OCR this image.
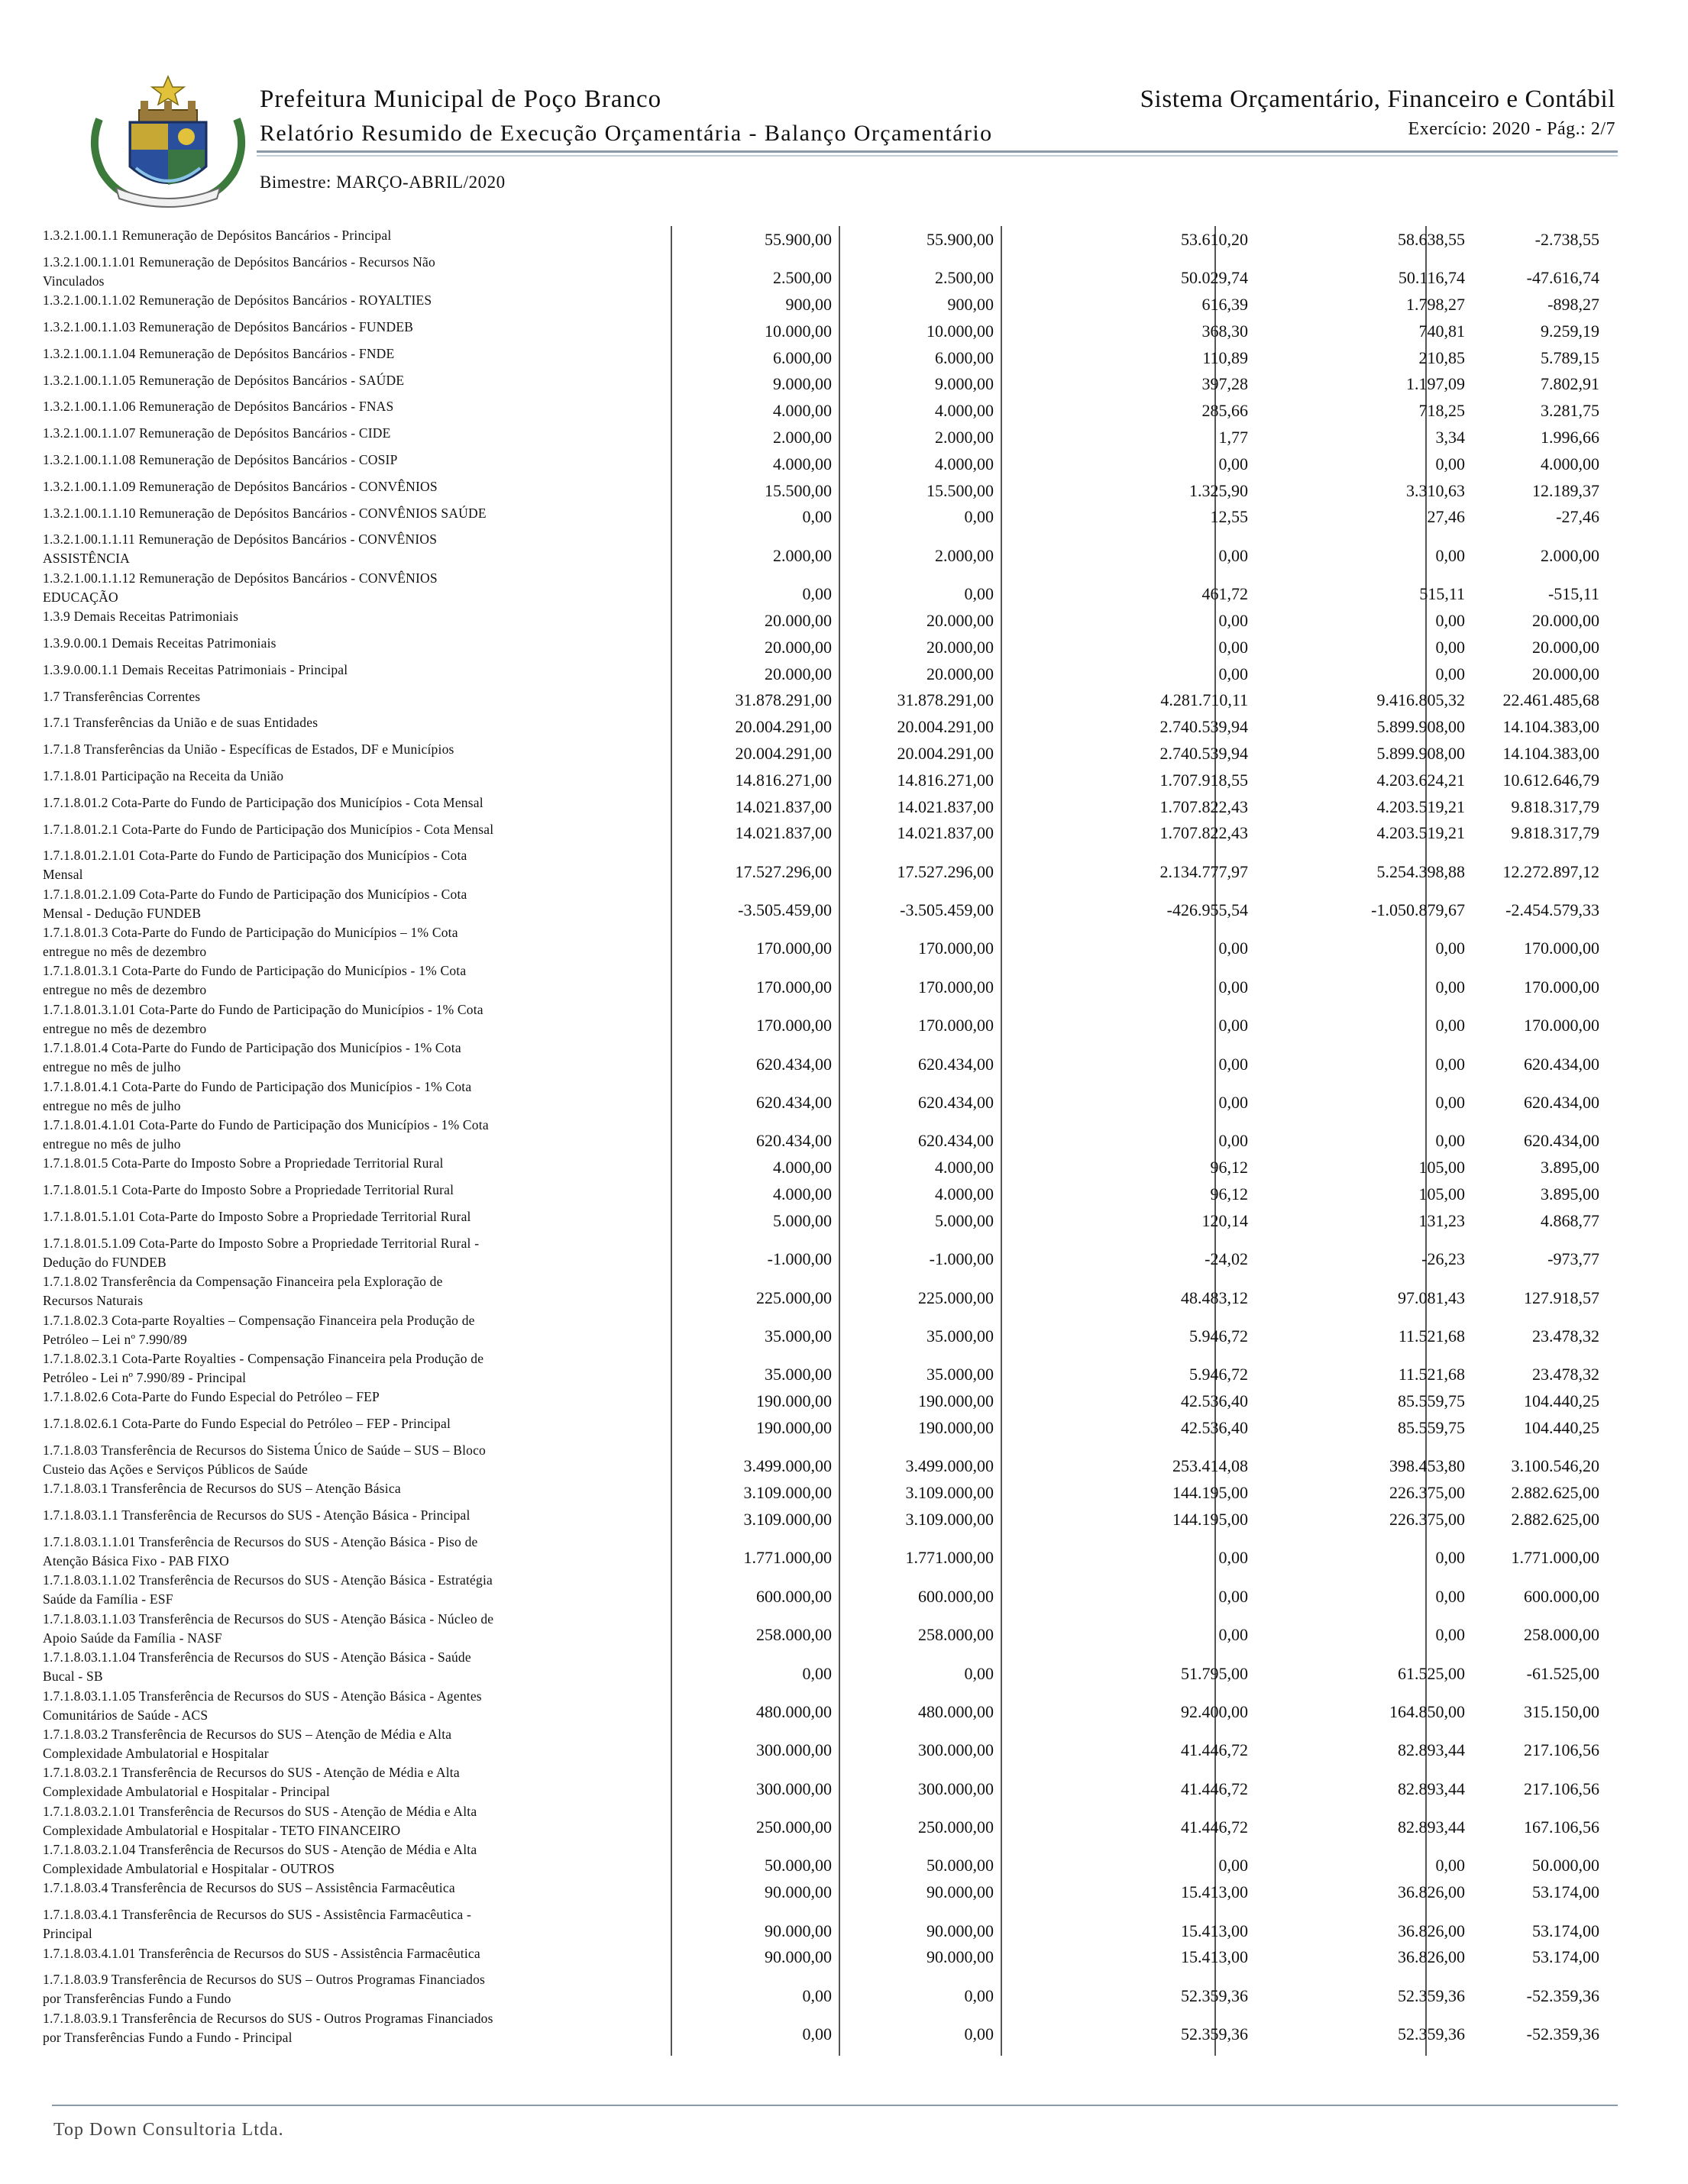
Prefeitura Municipal de Poço Branco
Relatório Resumido de Execução Orçamentária - Balanço Orçamentário
Sistema Orçamentário, Financeiro e Contábil
Exercício: 2020 - Pág.: 2/7
Bimestre: MARÇO-ABRIL/2020
1.3.2.1.00.1.1 Remuneração de Depósitos Bancários - Principal	55.900,00	55.900,00	53.610,20	58.638,55	-2.738,55
1.3.2.1.00.1.1.01 Remuneração de Depósitos Bancários - Recursos Não
Vinculados	2.500,00	2.500,00	50.029,74	50.116,74	-47.616,74
1.3.2.1.00.1.1.02 Remuneração de Depósitos Bancários - ROYALTIES	900,00	900,00	616,39	1.798,27	-898,27
1.3.2.1.00.1.1.03 Remuneração de Depósitos Bancários - FUNDEB	10.000,00	10.000,00	368,30	740,81	9.259,19
1.3.2.1.00.1.1.04 Remuneração de Depósitos Bancários - FNDE	6.000,00	6.000,00	110,89	210,85	5.789,15
1.3.2.1.00.1.1.05 Remuneração de Depósitos Bancários - SAÚDE	9.000,00	9.000,00	397,28	1.197,09	7.802,91
1.3.2.1.00.1.1.06 Remuneração de Depósitos Bancários - FNAS	4.000,00	4.000,00	285,66	718,25	3.281,75
1.3.2.1.00.1.1.07 Remuneração de Depósitos Bancários - CIDE	2.000,00	2.000,00	1,77	3,34	1.996,66
1.3.2.1.00.1.1.08 Remuneração de Depósitos Bancários - COSIP	4.000,00	4.000,00	0,00	0,00	4.000,00
1.3.2.1.00.1.1.09 Remuneração de Depósitos Bancários - CONVÊNIOS	15.500,00	15.500,00	1.325,90	3.310,63	12.189,37
1.3.2.1.00.1.1.10 Remuneração de Depósitos Bancários - CONVÊNIOS SAÚDE	0,00	0,00	12,55	27,46	-27,46
1.3.2.1.00.1.1.11 Remuneração de Depósitos Bancários - CONVÊNIOS
ASSISTÊNCIA	2.000,00	2.000,00	0,00	0,00	2.000,00
1.3.2.1.00.1.1.12 Remuneração de Depósitos Bancários - CONVÊNIOS
EDUCAÇÃO	0,00	0,00	461,72	515,11	-515,11
1.3.9 Demais Receitas Patrimoniais	20.000,00	20.000,00	0,00	0,00	20.000,00
1.3.9.0.00.1 Demais Receitas Patrimoniais	20.000,00	20.000,00	0,00	0,00	20.000,00
1.3.9.0.00.1.1 Demais Receitas Patrimoniais - Principal	20.000,00	20.000,00	0,00	0,00	20.000,00
1.7 Transferências Correntes	31.878.291,00	31.878.291,00	4.281.710,11	9.416.805,32	22.461.485,68
1.7.1 Transferências da União e de suas Entidades	20.004.291,00	20.004.291,00	2.740.539,94	5.899.908,00	14.104.383,00
1.7.1.8 Transferências da União - Específicas de Estados, DF e Municípios	20.004.291,00	20.004.291,00	2.740.539,94	5.899.908,00	14.104.383,00
1.7.1.8.01 Participação na Receita da União	14.816.271,00	14.816.271,00	1.707.918,55	4.203.624,21	10.612.646,79
1.7.1.8.01.2 Cota-Parte do Fundo de Participação dos Municípios - Cota Mensal	14.021.837,00	14.021.837,00	1.707.822,43	4.203.519,21	9.818.317,79
1.7.1.8.01.2.1 Cota-Parte do Fundo de Participação dos Municípios - Cota Mensal	14.021.837,00	14.021.837,00	1.707.822,43	4.203.519,21	9.818.317,79
1.7.1.8.01.2.1.01 Cota-Parte do Fundo de Participação dos Municípios - Cota
Mensal	17.527.296,00	17.527.296,00	2.134.777,97	5.254.398,88	12.272.897,12
1.7.1.8.01.2.1.09 Cota-Parte do Fundo de Participação dos Municípios - Cota
Mensal - Dedução FUNDEB	-3.505.459,00	-3.505.459,00	-426.955,54	-1.050.879,67	-2.454.579,33
1.7.1.8.01.3 Cota-Parte do Fundo de Participação do Municípios – 1% Cota
entregue no mês de dezembro	170.000,00	170.000,00	0,00	0,00	170.000,00
1.7.1.8.01.3.1 Cota-Parte do Fundo de Participação do Municípios - 1% Cota
entregue no mês de dezembro	170.000,00	170.000,00	0,00	0,00	170.000,00
1.7.1.8.01.3.1.01 Cota-Parte do Fundo de Participação do Municípios - 1% Cota
entregue no mês de dezembro	170.000,00	170.000,00	0,00	0,00	170.000,00
1.7.1.8.01.4 Cota-Parte do Fundo de Participação dos Municípios - 1% Cota
entregue no mês de julho	620.434,00	620.434,00	0,00	0,00	620.434,00
1.7.1.8.01.4.1 Cota-Parte do Fundo de Participação dos Municípios - 1% Cota
entregue no mês de julho	620.434,00	620.434,00	0,00	0,00	620.434,00
1.7.1.8.01.4.1.01 Cota-Parte do Fundo de Participação dos Municípios - 1% Cota
entregue no mês de julho	620.434,00	620.434,00	0,00	0,00	620.434,00
1.7.1.8.01.5 Cota-Parte do Imposto Sobre a Propriedade Territorial Rural	4.000,00	4.000,00	96,12	105,00	3.895,00
1.7.1.8.01.5.1 Cota-Parte do Imposto Sobre a Propriedade Territorial Rural	4.000,00	4.000,00	96,12	105,00	3.895,00
1.7.1.8.01.5.1.01 Cota-Parte do Imposto Sobre a Propriedade Territorial Rural	5.000,00	5.000,00	120,14	131,23	4.868,77
1.7.1.8.01.5.1.09 Cota-Parte do Imposto Sobre a Propriedade Territorial Rural -
Dedução do FUNDEB	-1.000,00	-1.000,00	-24,02	-26,23	-973,77
1.7.1.8.02 Transferência da Compensação Financeira pela Exploração de
Recursos Naturais	225.000,00	225.000,00	48.483,12	97.081,43	127.918,57
1.7.1.8.02.3 Cota-parte Royalties – Compensação Financeira pela Produção de
Petróleo – Lei nº 7.990/89	35.000,00	35.000,00	5.946,72	11.521,68	23.478,32
1.7.1.8.02.3.1 Cota-Parte Royalties - Compensação Financeira pela Produção de
Petróleo - Lei nº 7.990/89 - Principal	35.000,00	35.000,00	5.946,72	11.521,68	23.478,32
1.7.1.8.02.6 Cota-Parte do Fundo Especial do Petróleo – FEP	190.000,00	190.000,00	42.536,40	85.559,75	104.440,25
1.7.1.8.02.6.1 Cota-Parte do Fundo Especial do Petróleo – FEP - Principal	190.000,00	190.000,00	42.536,40	85.559,75	104.440,25
1.7.1.8.03 Transferência de Recursos do Sistema Único de Saúde – SUS – Bloco
Custeio das Ações e Serviços Públicos de Saúde	3.499.000,00	3.499.000,00	253.414,08	398.453,80	3.100.546,20
1.7.1.8.03.1 Transferência de Recursos do SUS – Atenção Básica	3.109.000,00	3.109.000,00	144.195,00	226.375,00	2.882.625,00
1.7.1.8.03.1.1 Transferência de Recursos do SUS - Atenção Básica - Principal	3.109.000,00	3.109.000,00	144.195,00	226.375,00	2.882.625,00
1.7.1.8.03.1.1.01 Transferência de Recursos do SUS - Atenção Básica - Piso de
Atenção Básica Fixo - PAB FIXO	1.771.000,00	1.771.000,00	0,00	0,00	1.771.000,00
1.7.1.8.03.1.1.02 Transferência de Recursos do SUS - Atenção Básica - Estratégia
Saúde da Família - ESF	600.000,00	600.000,00	0,00	0,00	600.000,00
1.7.1.8.03.1.1.03 Transferência de Recursos do SUS - Atenção Básica - Núcleo de
Apoio Saúde da Família - NASF	258.000,00	258.000,00	0,00	0,00	258.000,00
1.7.1.8.03.1.1.04 Transferência de Recursos do SUS - Atenção Básica - Saúde
Bucal - SB	0,00	0,00	51.795,00	61.525,00	-61.525,00
1.7.1.8.03.1.1.05 Transferência de Recursos do SUS - Atenção Básica - Agentes
Comunitários de Saúde - ACS	480.000,00	480.000,00	92.400,00	164.850,00	315.150,00
1.7.1.8.03.2 Transferência de Recursos do SUS – Atenção de Média e Alta
Complexidade Ambulatorial e Hospitalar	300.000,00	300.000,00	41.446,72	82.893,44	217.106,56
1.7.1.8.03.2.1 Transferência de Recursos do SUS - Atenção de Média e Alta
Complexidade Ambulatorial e Hospitalar - Principal	300.000,00	300.000,00	41.446,72	82.893,44	217.106,56
1.7.1.8.03.2.1.01 Transferência de Recursos do SUS - Atenção de Média e Alta
Complexidade Ambulatorial e Hospitalar - TETO FINANCEIRO	250.000,00	250.000,00	41.446,72	82.893,44	167.106,56
1.7.1.8.03.2.1.04 Transferência de Recursos do SUS - Atenção de Média e Alta
Complexidade Ambulatorial e Hospitalar - OUTROS	50.000,00	50.000,00	0,00	0,00	50.000,00
1.7.1.8.03.4 Transferência de Recursos do SUS – Assistência Farmacêutica	90.000,00	90.000,00	15.413,00	36.826,00	53.174,00
1.7.1.8.03.4.1 Transferência de Recursos do SUS - Assistência Farmacêutica -
Principal	90.000,00	90.000,00	15.413,00	36.826,00	53.174,00
1.7.1.8.03.4.1.01 Transferência de Recursos do SUS - Assistência Farmacêutica	90.000,00	90.000,00	15.413,00	36.826,00	53.174,00
1.7.1.8.03.9 Transferência de Recursos do SUS – Outros Programas Financiados
por Transferências Fundo a Fundo	0,00	0,00	52.359,36	52.359,36	-52.359,36
1.7.1.8.03.9.1 Transferência de Recursos do SUS - Outros Programas Financiados
por Transferências Fundo a Fundo - Principal	0,00	0,00	52.359,36	52.359,36	-52.359,36
Top Down Consultoria Ltda.
